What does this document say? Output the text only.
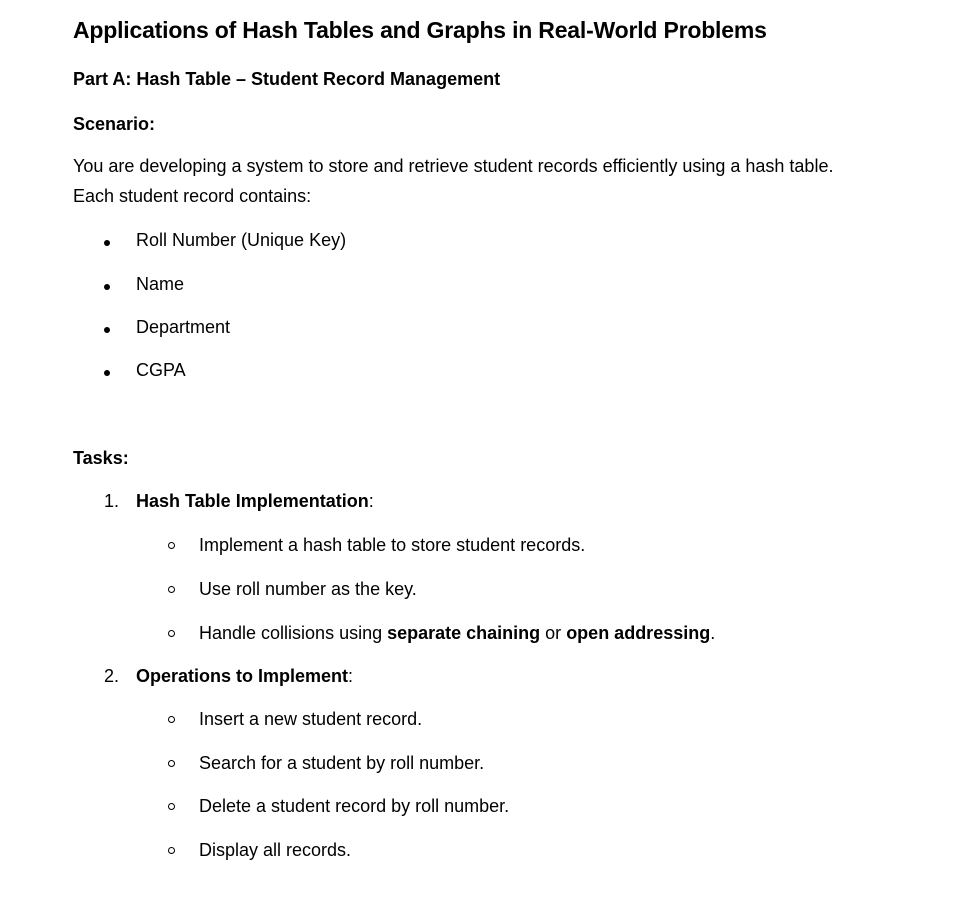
Applications of Hash Tables and Graphs in Real-World Problems
Part A: Hash Table – Student Record Management
Scenario:
You are developing a system to store and retrieve student records efficiently using a hash table.
Each student record contains:
Roll Number (Unique Key)
Name
Department
CGPA
Tasks:
1. Hash Table Implementation:
Implement a hash table to store student records.
Use roll number as the key.
Handle collisions using separate chaining or open addressing.
2. Operations to Implement:
Insert a new student record.
Search for a student by roll number.
Delete a student record by roll number.
Display all records.
